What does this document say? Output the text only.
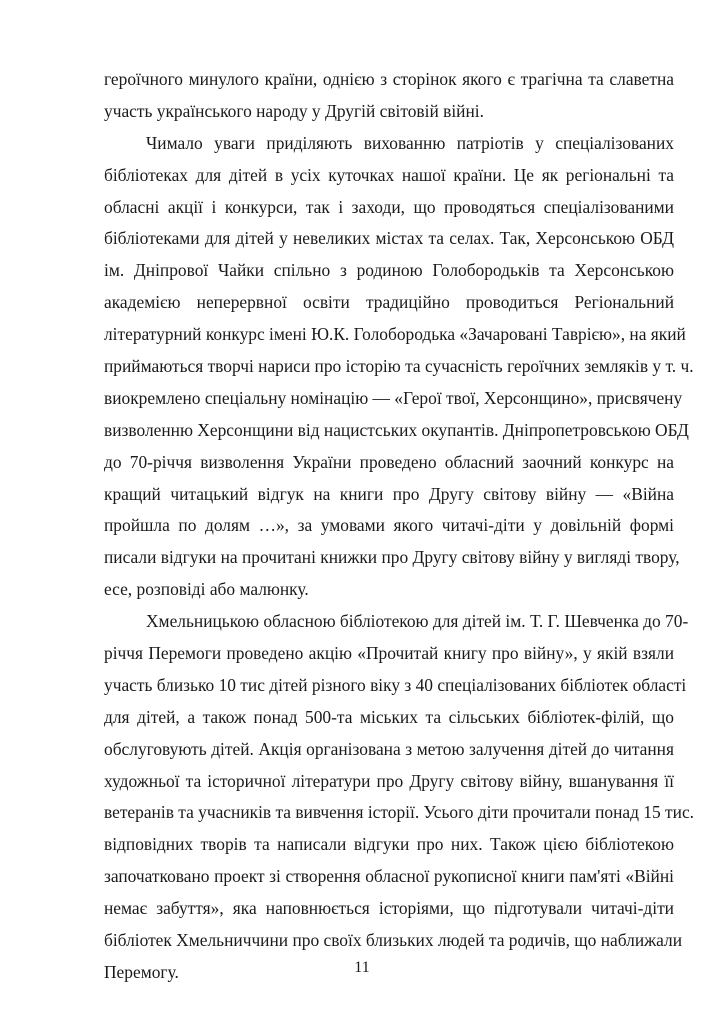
героїчного минулого країни, однією з сторінок якого є трагічна та славетна
участь українського народу у Другій світовій війні.
Чимало уваги приділяють вихованню патріотів у спеціалізованих
бібліотеках для дітей в усіх куточках нашої країни. Це як регіональні та
обласні акції і конкурси, так і заходи, що проводяться спеціалізованими
бібліотеками для дітей у невеликих містах та селах. Так, Херсонською ОБД
ім. Дніпрової Чайки спільно з родиною Голобородьків та Херсонською
академією неперервної освіти традиційно проводиться Регіональний
літературний конкурс імені Ю.К. Голобородька «Зачаровані Таврією», на який
приймаються творчі нариси про історію та сучасність героїчних земляків у т. ч.
виокремлено спеціальну номінацію — «Герої твої, Херсонщино», присвячену
визволенню Херсонщини від нацистських окупантів. Дніпропетровською ОБД
до 70-річчя визволення України проведено обласний заочний конкурс на
кращий читацький відгук на книги про Другу світову війну — «Війна
пройшла по долям …», за умовами якого читачі-діти у довільній формі
писали відгуки на прочитані книжки про Другу світову війну у вигляді твору,
есе, розповіді або малюнку.
Хмельницькою обласною бібліотекою для дітей ім. Т. Г. Шевченка до 70-
річчя Перемоги проведено акцію «Прочитай книгу про війну», у якій взяли
участь близько 10 тис дітей різного віку з 40 спеціалізованих бібліотек області
для дітей, а також понад 500-та міських та сільських бібліотек-філій, що
обслуговують дітей. Акція організована з метою залучення дітей до читання
художньої та історичної літератури про Другу світову війну, вшанування її
ветеранів та учасників та вивчення історії. Усього діти прочитали понад 15 тис.
відповідних творів та написали відгуки про них. Також цією бібліотекою
започатковано проект зі створення обласної рукописної книги пам'яті «Війні
немає забуття», яка наповнюється історіями, що підготували читачі-діти
бібліотек Хмельниччини про своїх близьких людей та родичів, що наближали
Перемогу.	11
